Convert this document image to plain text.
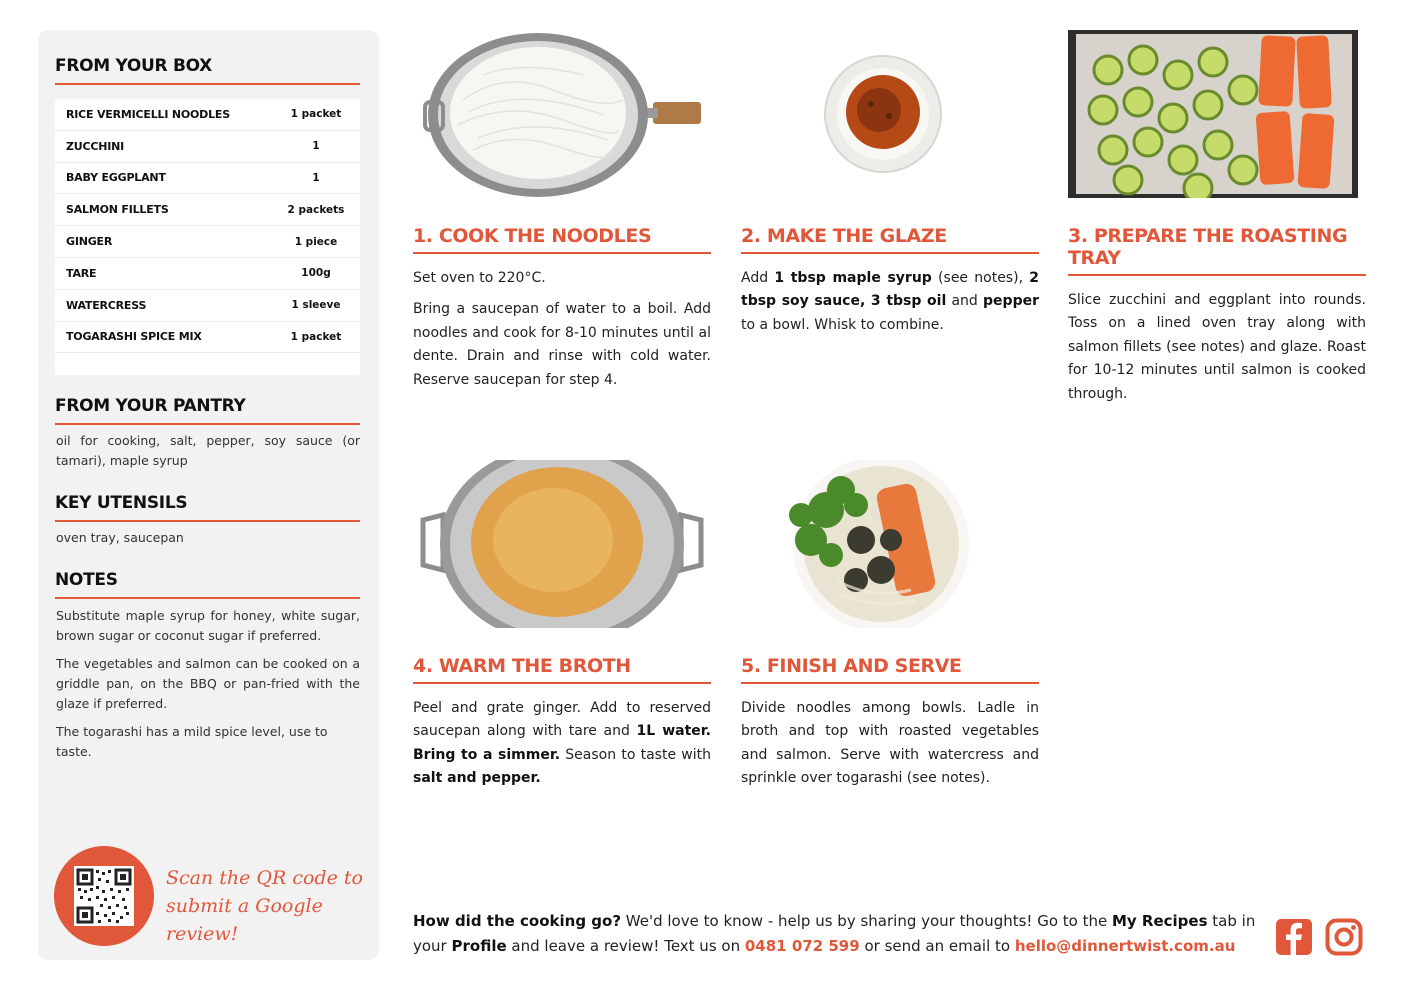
FROM YOUR BOX
RICE VERMICELLI NOODLES	1 packet
ZUCCHINI	1
BABY EGGPLANT	1
SALMON FILLETS	2 packets
GINGER	1 piece
TARE	100g
WATERCRESS	1 sleeve
TOGARASHI SPICE MIX	1 packet
FROM YOUR PANTRY
oil for cooking, salt, pepper, soy sauce (or tamari), maple syrup
KEY UTENSILS
oven tray, saucepan
NOTES

Substitute maple syrup for honey, white sugar, brown sugar or coconut sugar if preferred.

The vegetables and salmon can be cooked on a griddle pan, on the BBQ or pan-fried with the glaze if preferred.

The togarashi has a mild spice level, use to taste.

Scan the QR code to
submit a Google review!
1. COOK THE NOODLES

Set oven to 220°C.

Bring a saucepan of water to a boil. Add noodles and cook for 8-10 minutes until al dente. Drain and rinse with cold water. Reserve saucepan for step 4.

2. MAKE THE GLAZE

Add 1 tbsp maple syrup (see notes), 2 tbsp soy sauce, 3 tbsp oil and pepper to a bowl. Whisk to combine.

3. PREPARE THE ROASTING TRAY

Slice zucchini and eggplant into rounds. Toss on a lined oven tray along with salmon fillets (see notes) and glaze. Roast for 10-12 minutes until salmon is cooked through.

4. WARM THE BROTH

Peel and grate ginger. Add to reserved saucepan along with tare and 1L water. Bring to a simmer. Season to taste with salt and pepper.

5. FINISH AND SERVE

Divide noodles among bowls. Ladle in broth and top with roasted vegetables and salmon. Serve with watercress and sprinkle over togarashi (see notes).

How did the cooking go? We'd love to know - help us by sharing your thoughts! Go to the My Recipes tab in your Profile and leave a review! Text us on 0481 072 599 or send an email to hello@dinnertwist.com.au
